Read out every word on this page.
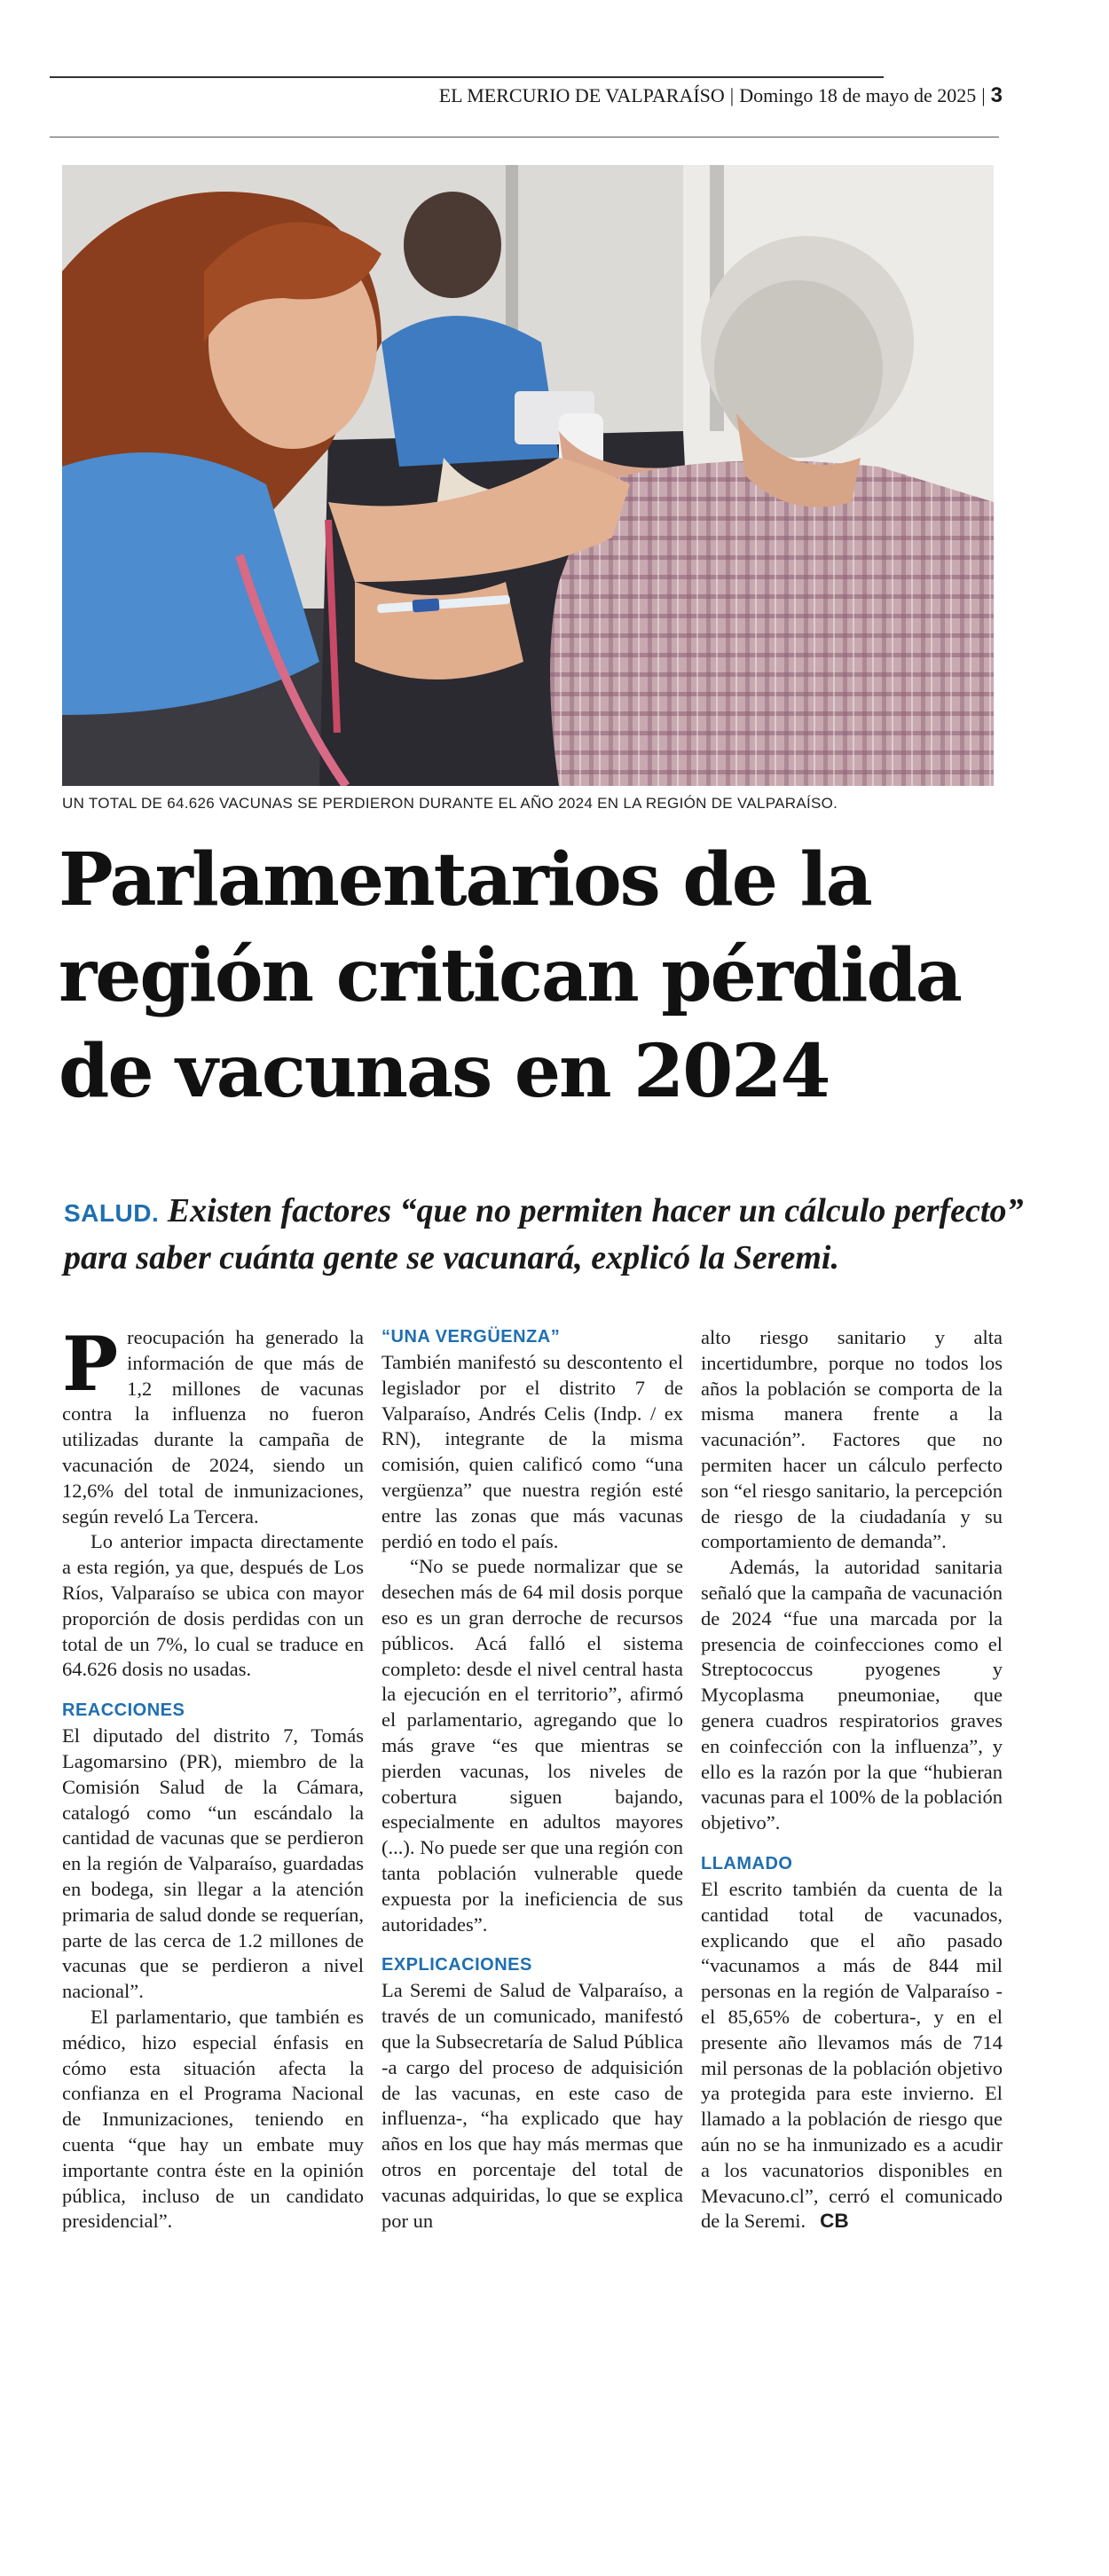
EL MERCURIO DE VALPARAÍSO | Domingo 18 de mayo de 2025 | 3
UN TOTAL DE 64.626 VACUNAS SE PERDIERON DURANTE EL AÑO 2024 EN LA REGIÓN DE VALPARAÍSO.
Parlamentarios de la
región critican pérdida
de vacunas en 2024

SALUD. Existen factores “que no permiten hacer un cálculo perfecto” para saber cuánta gente se vacunará, explicó la Seremi.

Preocupación ha generado la información de que más de 1,2 millones de vacunas contra la influenza no fueron utilizadas durante la campaña de vacunación de 2024, siendo un 12,6% del total de inmunizaciones, según reveló La Tercera.

Lo anterior impacta directamente a esta región, ya que, después de Los Ríos, Valparaíso se ubica con mayor proporción de dosis perdidas con un total de un 7%, lo cual se traduce en 64.626 dosis no usadas.

REACCIONES

El diputado del distrito 7, Tomás Lagomarsino (PR), miembro de la Comisión Salud de la Cámara, catalogó como “un escándalo la cantidad de vacunas que se perdieron en la región de Valparaíso, guardadas en bodega, sin llegar a la atención primaria de salud donde se requerían, parte de las cerca de 1.2 millones de vacunas que se perdieron a nivel nacional”.

El parlamentario, que también es médico, hizo especial énfasis en cómo esta situación afecta la confianza en el Programa Nacional de Inmunizaciones, teniendo en cuenta “que hay un embate muy importante contra éste en la opinión pública, incluso de un candidato presidencial”.

“UNA VERGÜENZA”

También manifestó su descontento el legislador por el distrito 7 de Valparaíso, Andrés Celis (Indp. / ex RN), integrante de la misma comisión, quien calificó como “una vergüenza” que nuestra región esté entre las zonas que más vacunas perdió en todo el país.

“No se puede normalizar que se desechen más de 64 mil dosis porque eso es un gran derroche de recursos públicos. Acá falló el sistema completo: desde el nivel central hasta la ejecución en el territorio”, afirmó el parlamentario, agregando que lo más grave “es que mientras se pierden vacunas, los niveles de cobertura siguen bajando, especialmente en adultos mayores (...). No puede ser que una región con tanta población vulnerable quede expuesta por la ineficiencia de sus autoridades”.

EXPLICACIONES

La Seremi de Salud de Valparaíso, a través de un comunicado, manifestó que la Subsecretaría de Salud Pública -a cargo del proceso de adquisición de las vacunas, en este caso de influenza-, “ha explicado que hay años en los que hay más mermas que otros en porcentaje del total de vacunas adquiridas, lo que se explica por un

alto riesgo sanitario y alta incertidumbre, porque no todos los años la población se comporta de la misma manera frente a la vacunación”. Factores que no permiten hacer un cálculo perfecto son “el riesgo sanitario, la percepción de riesgo de la ciudadanía y su comportamiento de demanda”.

Además, la autoridad sanitaria señaló que la campaña de vacunación de 2024 “fue una marcada por la presencia de coinfecciones como el Streptococcus pyogenes y Mycoplasma pneumoniae, que genera cuadros respiratorios graves en coinfección con la influenza”, y ello es la razón por la que “hubieran vacunas para el 100% de la población objetivo”.

LLAMADO

El escrito también da cuenta de la cantidad total de vacunados, explicando que el año pasado “vacunamos a más de 844 mil personas en la región de Valparaíso -el 85,65% de cobertura-, y en el presente año llevamos más de 714 mil personas de la población objetivo ya protegida para este invierno. El llamado a la población de riesgo que aún no se ha inmunizado es a acudir a los vacunatorios disponibles en Mevacuno.cl”, cerró el comunicado de la Seremi. CB
